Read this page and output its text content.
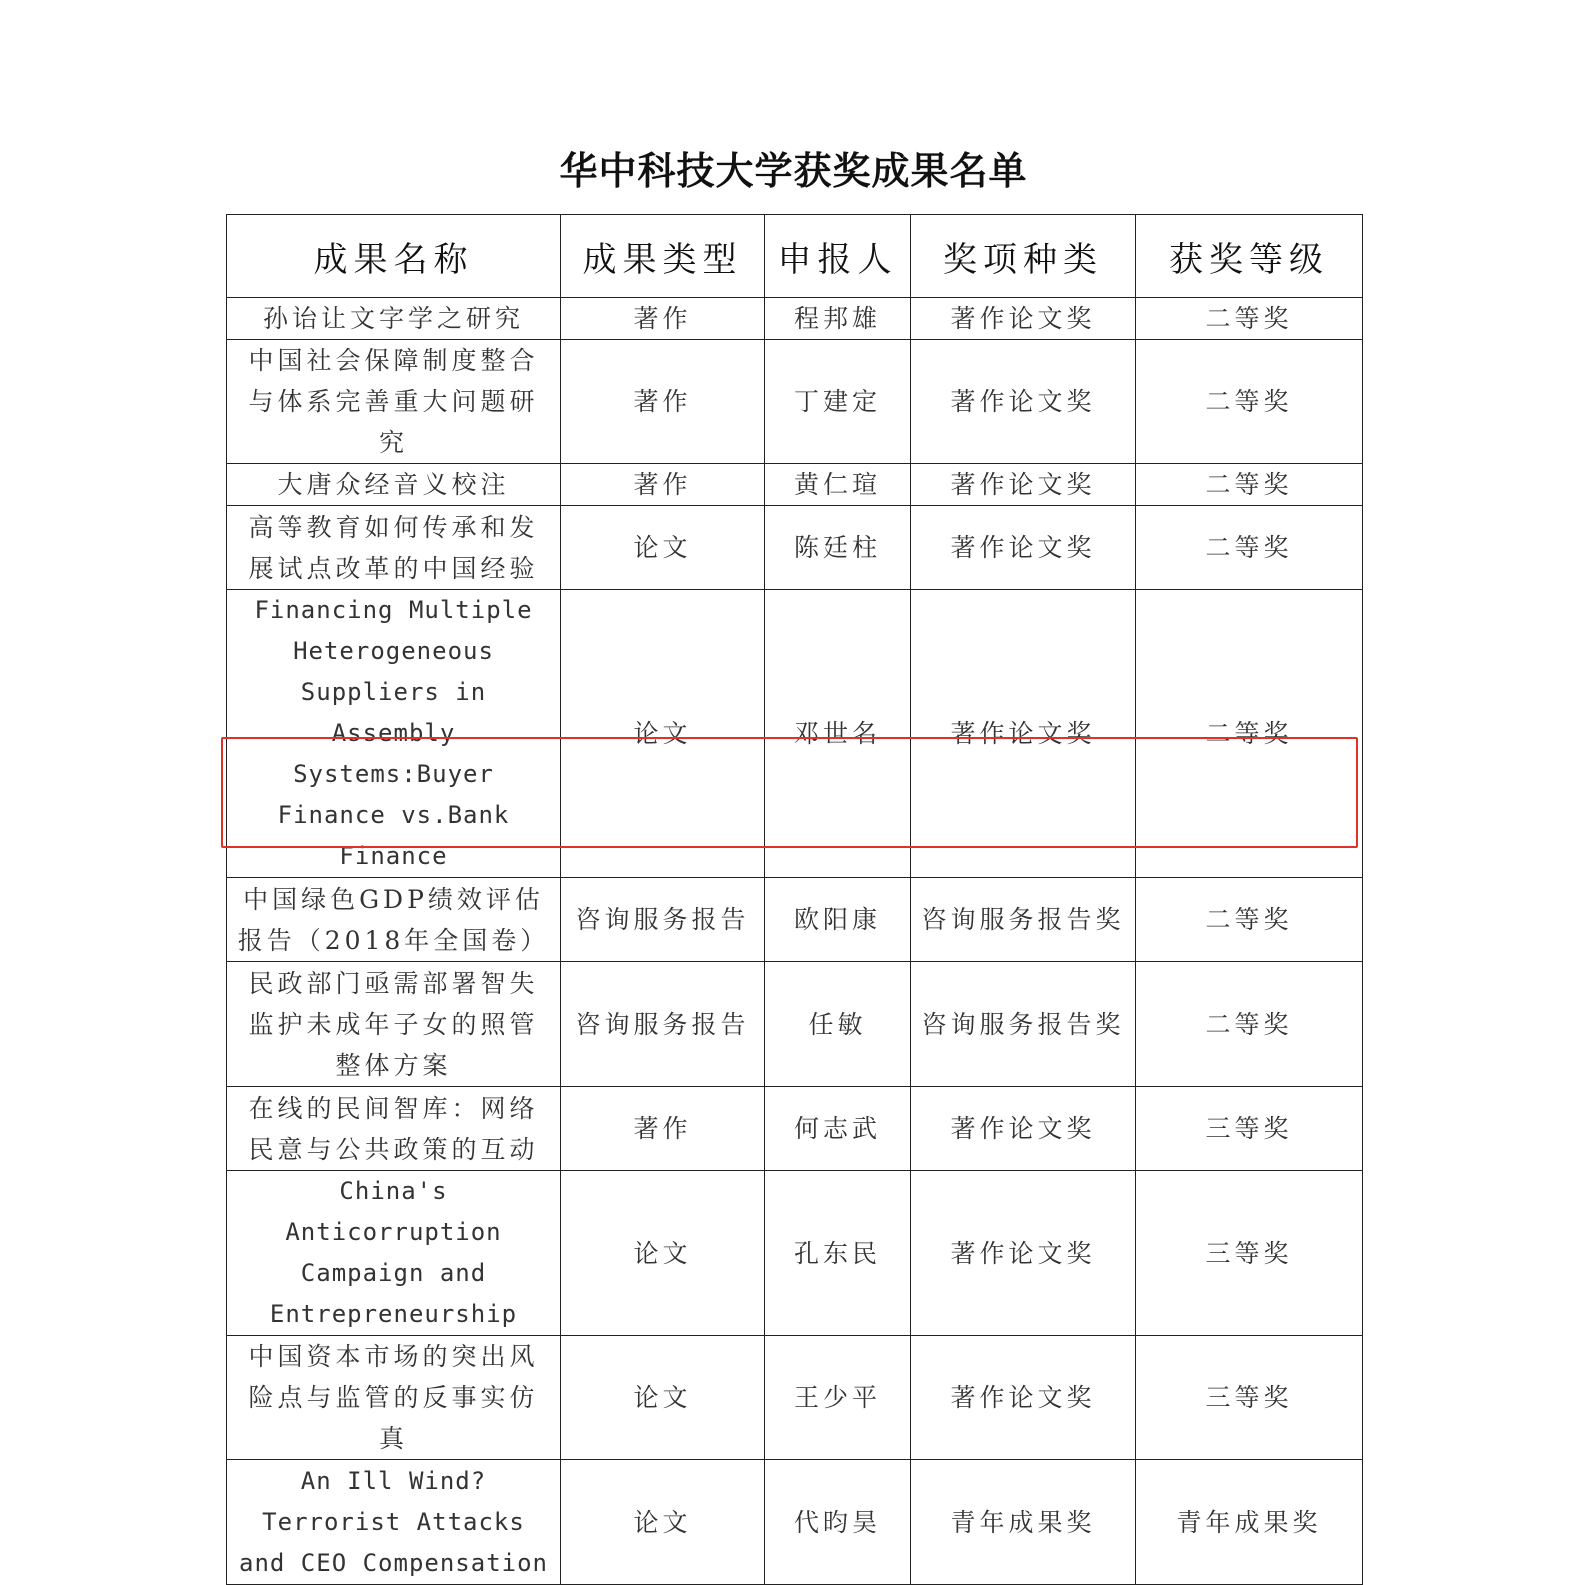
华中科技大学获奖成果名单
成果名称	成果类型	申报人	奖项种类	获奖等级
孙诒让文字学之研究	著作	程邦雄	著作论文奖	二等奖
中国社会保障制度整合与体系完善重大问题研究	著作	丁建定	著作论文奖	二等奖
大唐众经音义校注	著作	黄仁瑄	著作论文奖	二等奖
高等教育如何传承和发展试点改革的中国经验	论文	陈廷柱	著作论文奖	二等奖
Financing Multiple Heterogeneous Suppliers in Assembly Systems:Buyer Finance vs.Bank Finance	论文	邓世名	著作论文奖	二等奖
中国绿色GDP绩效评估报告（2018年全国卷）	咨询服务报告	欧阳康	咨询服务报告奖	二等奖
民政部门亟需部署智失监护未成年子女的照管整体方案	咨询服务报告	任敏	咨询服务报告奖	二等奖
在线的民间智库：网络民意与公共政策的互动	著作	何志武	著作论文奖	三等奖
China's Anticorruption Campaign and Entrepreneurship	论文	孔东民	著作论文奖	三等奖
中国资本市场的突出风险点与监管的反事实仿真	论文	王少平	著作论文奖	三等奖
An Ill Wind?Terrorist Attacks and CEO Compensation	论文	代昀昊	青年成果奖	青年成果奖
